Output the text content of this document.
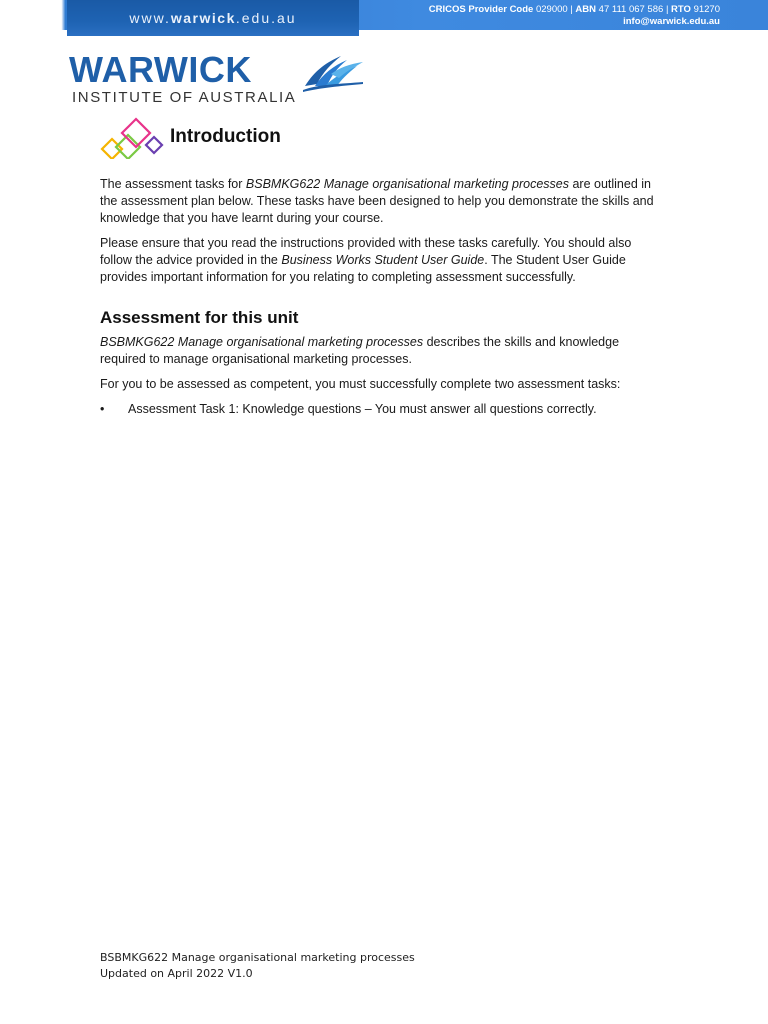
www. warwick .edu.au
CRICOS Provider Code 029000 | ABN 47 111 067 586 | RTO 91270
info@warwick.edu.au
WARWICK
INSTITUTE OF AUSTRALIA
Introduction

The assessment tasks for BSBMKG622 Manage organisational marketing processes are outlined in the assessment plan below. These tasks have been designed to help you demonstrate the skills and knowledge that you have learnt during your course.

Please ensure that you read the instructions provided with these tasks carefully. You should also follow the advice provided in the Business Works Student User Guide. The Student User Guide provides important information for you relating to completing assessment successfully.

Assessment for this unit

BSBMKG622 Manage organisational marketing processes describes the skills and knowledge required to manage organisational marketing processes.

For you to be assessed as competent, you must successfully complete two assessment tasks:

• Assessment Task 1: Knowledge questions – You must answer all questions correctly.
BSBMKG622 Manage organisational marketing processes
Updated on April 2022 V1.0
